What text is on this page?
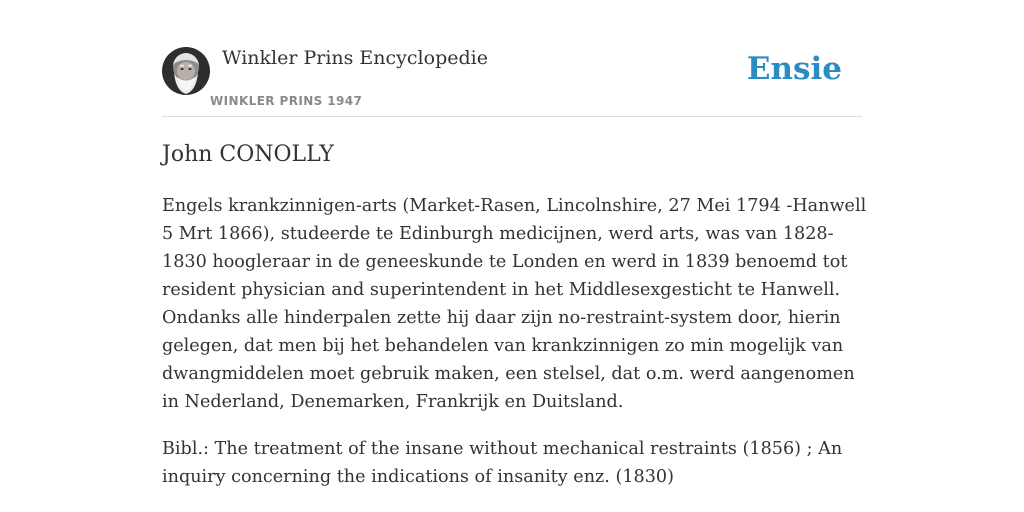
Winkler Prins Encyclopedie
WINKLER PRINS 1947
Ensie
John CONOLLY

Engels krankzinnigen-arts (Market-Rasen, Lincolnshire, 27 Mei 1794 -Hanwell 5 Mrt 1866), studeerde te Edinburgh medicijnen, werd arts, was van 1828-1830 hoogleraar in de geneeskunde te Londen en werd in 1839 benoemd tot resident physician and superintendent in het Middlesexgesticht te Hanwell. Ondanks alle hinderpalen zette hij daar zijn no-restraint-system door, hierin gelegen, dat men bij het behandelen van krankzinnigen zo min mogelijk van dwangmiddelen moet gebruik maken, een stelsel, dat o.m. werd aangenomen in Nederland, Denemarken, Frankrijk en Duitsland.

Bibl.: The treatment of the insane without mechanical restraints (1856) ; An inquiry concerning the indications of insanity enz. (1830)
